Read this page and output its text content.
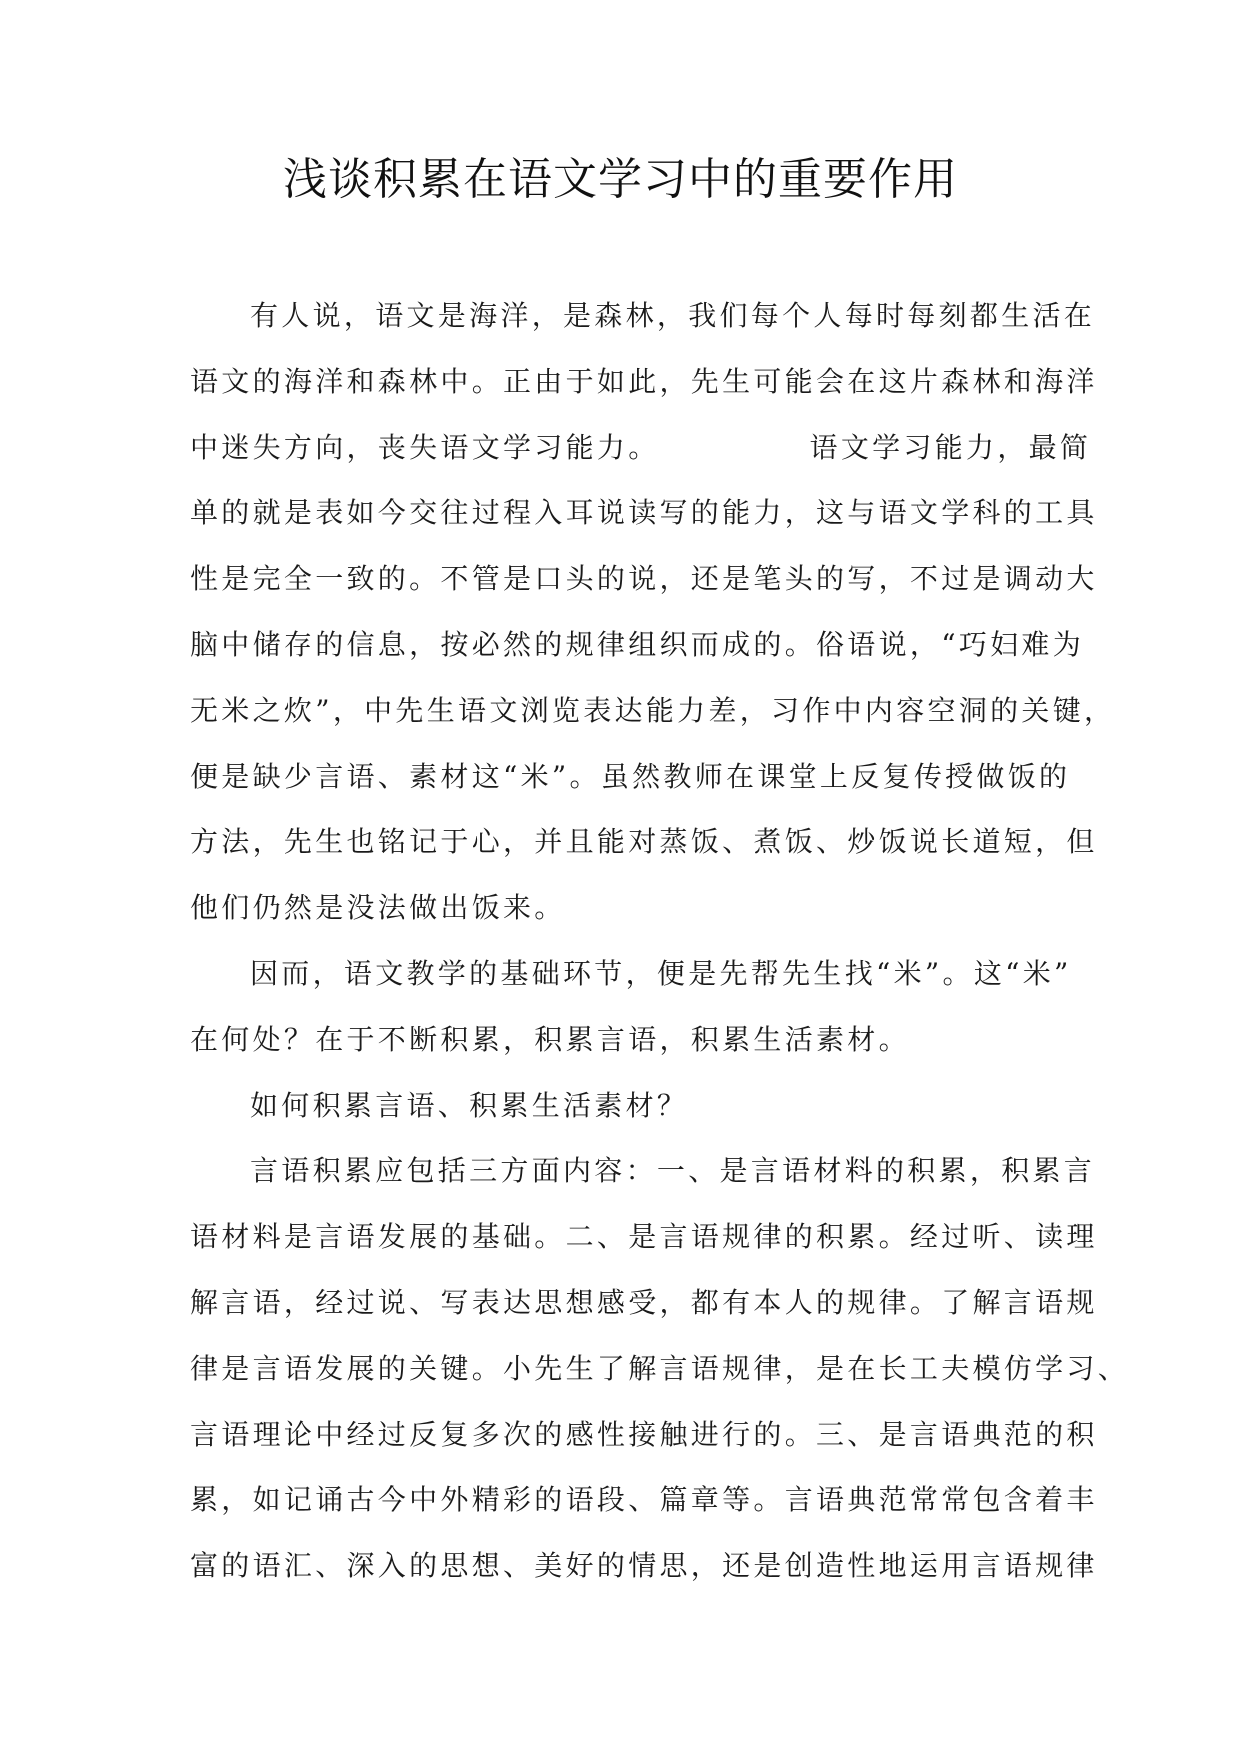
浅谈积累在语文学习中的重要作用
有人说，语文是海洋，是森林，我们每个人每时每刻都生活在
语文的海洋和森林中。正由于如此，先生可能会在这片森林和海洋
中迷失方向，丧失语文学习能力。	语文学习能力，最简
单的就是表如今交往过程入耳说读写的能力，这与语文学科的工具
性是完全一致的。不管是口头的说，还是笔头的写，不过是调动大
脑中储存的信息，按必然的规律组织而成的。俗语说，“巧妇难为
无米之炊”，中先生语文浏览表达能力差，习作中内容空洞的关键，
便是缺少言语、素材这“米”。虽然教师在课堂上反复传授做饭的
方法，先生也铭记于心，并且能对蒸饭、煮饭、炒饭说长道短，但
他们仍然是没法做出饭来。
因而，语文教学的基础环节，便是先帮先生找“米”。这“米”
在何处？在于不断积累，积累言语，积累生活素材。
如何积累言语、积累生活素材？
言语积累应包括三方面内容：一、是言语材料的积累，积累言
语材料是言语发展的基础。二、是言语规律的积累。经过听、读理
解言语，经过说、写表达思想感受，都有本人的规律。了解言语规
律是言语发展的关键。小先生了解言语规律，是在长工夫模仿学习、
言语理论中经过反复多次的感性接触进行的。三、是言语典范的积
累，如记诵古今中外精彩的语段、篇章等。言语典范常常包含着丰
富的语汇、深入的思想、美好的情思，还是创造性地运用言语规律
